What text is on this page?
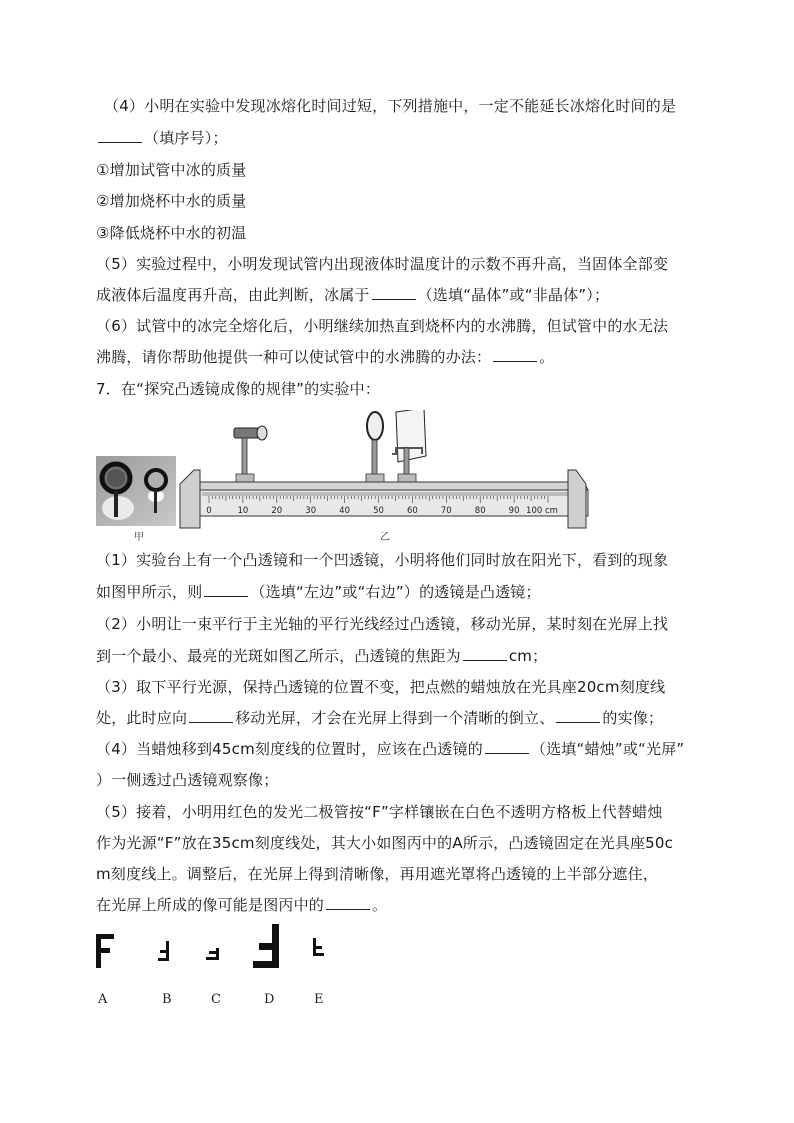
（4）小明在实验中发现冰熔化时间过短，下列措施中，一定不能延长冰熔化时间的是
（填序号）；
①增加试管中冰的质量
②增加烧杯中水的质量
③降低烧杯中水的初温
（5）实验过程中，小明发现试管内出现液体时温度计的示数不再升高，当固体全部变
成液体后温度再升高，由此判断，冰属于	（选填“晶体”或“非晶体”）；
（6）试管中的冰完全熔化后，小明继续加热直到烧杯内的水沸腾，但试管中的水无法
沸腾，请你帮助他提供一种可以使试管中的水沸腾的办法：	。
7．在“探究凸透镜成像的规律”的实验中：
甲
0	10	20	30	40	50	60	70	80	90 100 cm
乙
（1）实验台上有一个凸透镜和一个凹透镜，小明将他们同时放在阳光下，看到的现象
如图甲所示，则	（选填“左边”或“右边”）的透镜是凸透镜；
（2）小明让一束平行于主光轴的平行光线经过凸透镜，移动光屏，某时刻在光屏上找
到一个最小、最亮的光斑如图乙所示，凸透镜的焦距为	cm；
（3）取下平行光源，保持凸透镜的位置不变，把点燃的蜡烛放在光具座20cm刻度线
处，此时应向	移动光屏，才会在光屏上得到一个清晰的倒立、	的实像；
（4）当蜡烛移到45cm刻度线的位置时，应该在凸透镜的	（选填“蜡烛”或“光屏”
）一侧透过凸透镜观察像；
（5）接着，小明用红色的发光二极管按“F”字样镶嵌在白色不透明方格板上代替蜡烛
作为光源“F”放在35cm刻度线处，其大小如图丙中的A所示，凸透镜固定在光具座50c
m刻度线上。调整后，在光屏上得到清晰像，再用遮光罩将凸透镜的上半部分遮住，
在光屏上所成的像可能是图丙中的	。
A	B	C	D	E
